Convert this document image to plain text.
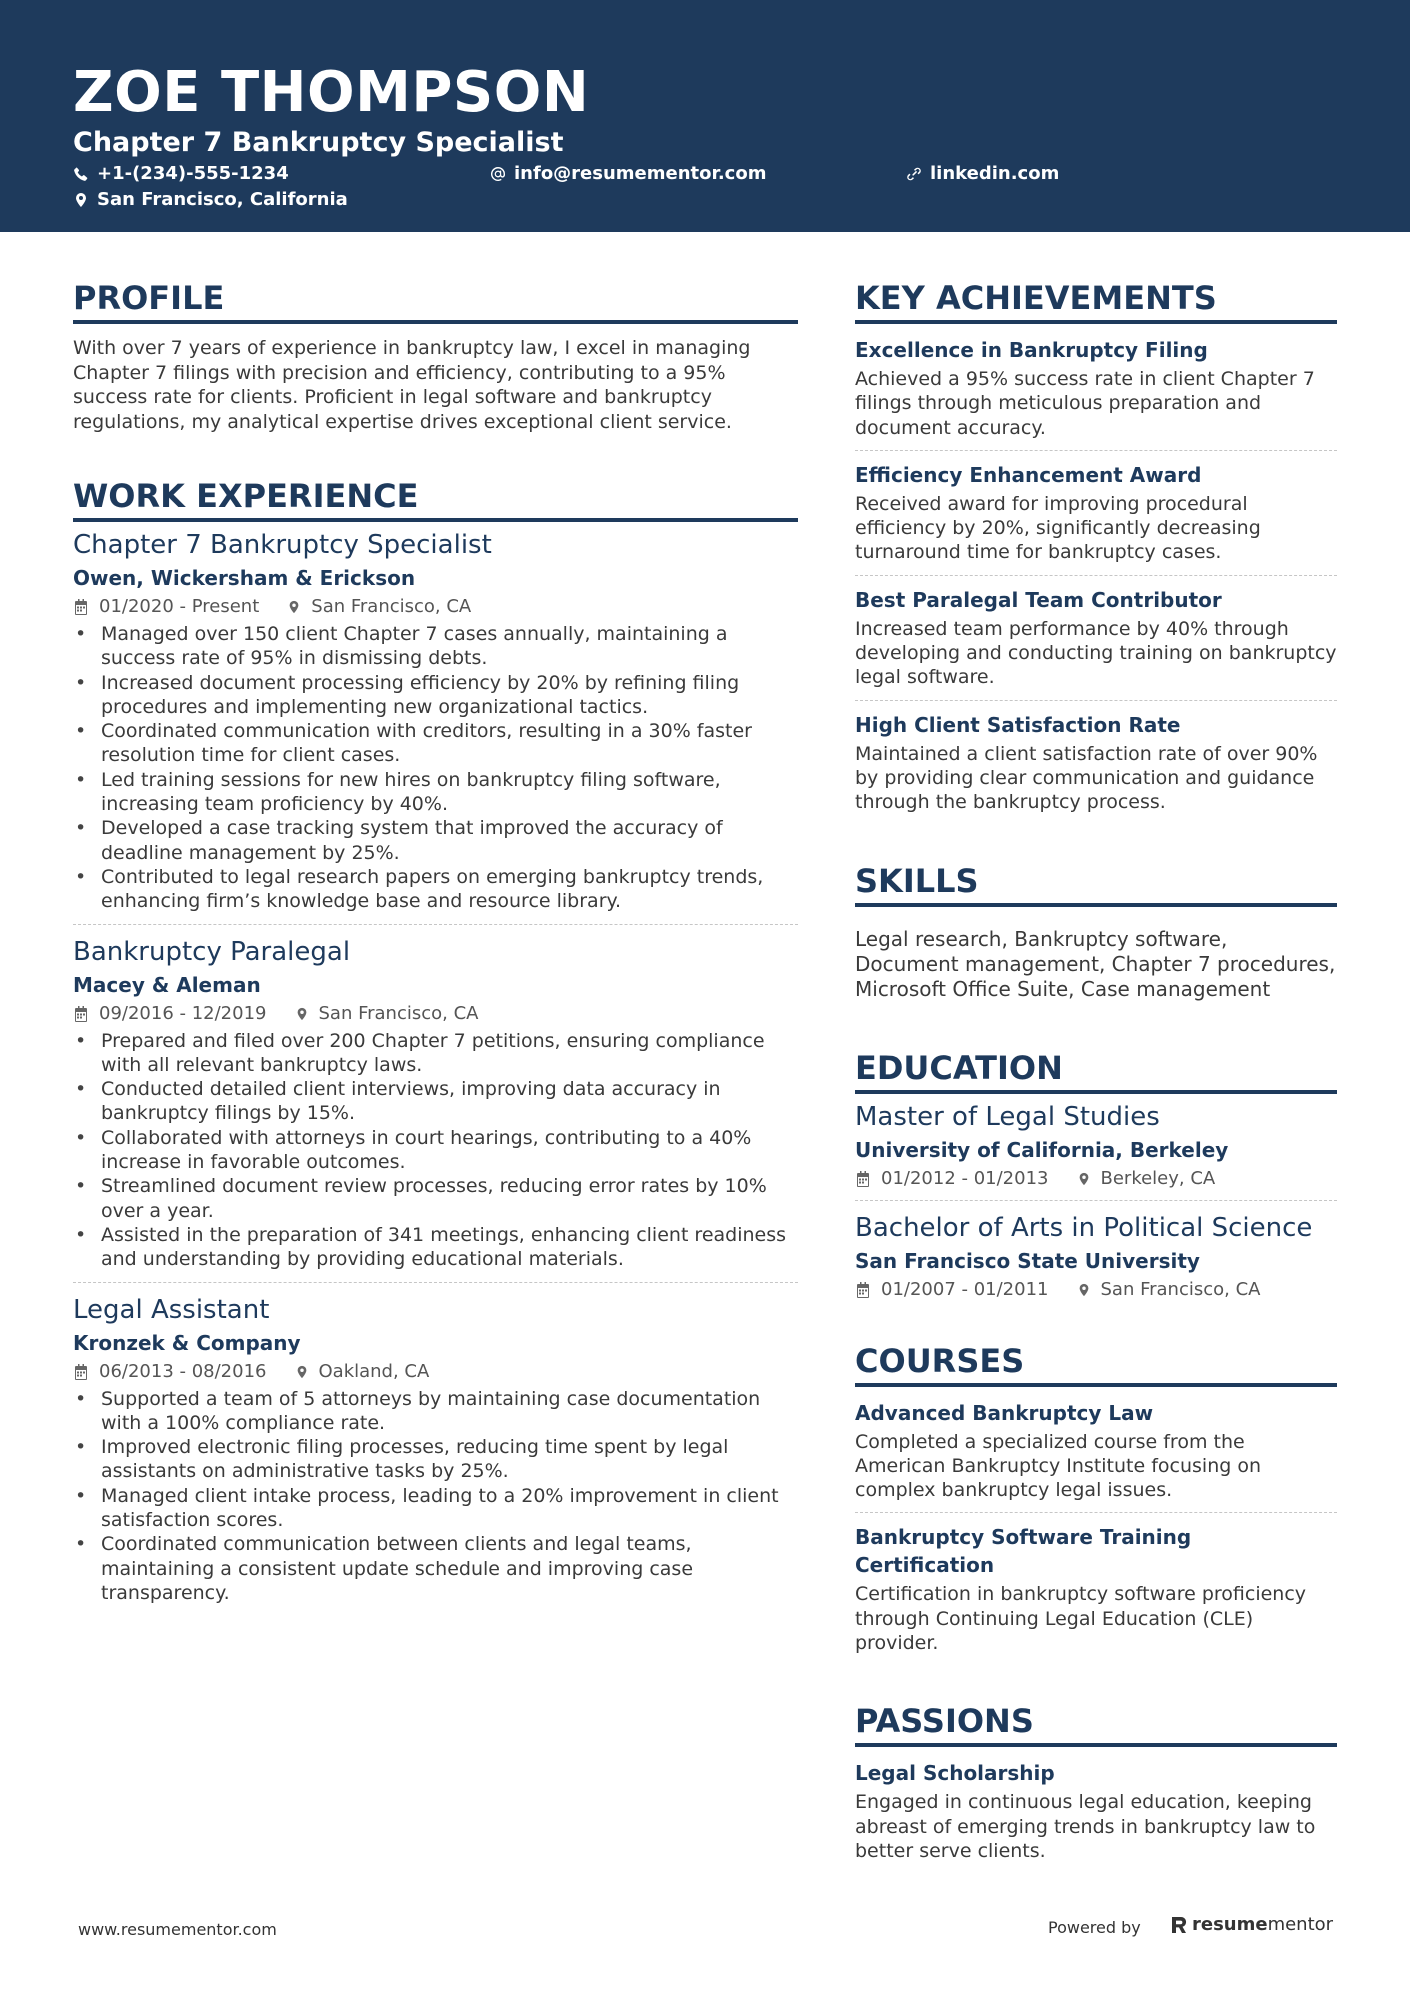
ZOE THOMPSON
Chapter 7 Bankruptcy Specialist
+1-(234)-555-1234	info@resumementor.com	linkedin.com
San Francisco, California
PROFILE

With over 7 years of experience in bankruptcy law, I excel in managing Chapter 7 filings with precision and efficiency, contributing to a 95% success rate for clients. Proficient in legal software and bankruptcy regulations, my analytical expertise drives exceptional client service.

WORK EXPERIENCE
Chapter 7 Bankruptcy Specialist
Owen, Wickersham & Erickson
01/2020 - Present	San Francisco, CA
• Managed over 150 client Chapter 7 cases annually, maintaining a success rate of 95% in dismissing debts.
• Increased document processing efficiency by 20% by refining filing procedures and implementing new organizational tactics.
• Coordinated communication with creditors, resulting in a 30% faster resolution time for client cases.
• Led training sessions for new hires on bankruptcy filing software, increasing team proficiency by 40%.
• Developed a case tracking system that improved the accuracy of deadline management by 25%.
• Contributed to legal research papers on emerging bankruptcy trends, enhancing firm’s knowledge base and resource library.
Bankruptcy Paralegal
Macey & Aleman
09/2016 - 12/2019	San Francisco, CA
• Prepared and filed over 200 Chapter 7 petitions, ensuring compliance with all relevant bankruptcy laws.
• Conducted detailed client interviews, improving data accuracy in bankruptcy filings by 15%.
• Collaborated with attorneys in court hearings, contributing to a 40% increase in favorable outcomes.
• Streamlined document review processes, reducing error rates by 10% over a year.
• Assisted in the preparation of 341 meetings, enhancing client readiness and understanding by providing educational materials.
Legal Assistant
Kronzek & Company
06/2013 - 08/2016	Oakland, CA
• Supported a team of 5 attorneys by maintaining case documentation with a 100% compliance rate.
• Improved electronic filing processes, reducing time spent by legal assistants on administrative tasks by 25%.
• Managed client intake process, leading to a 20% improvement in client satisfaction scores.
• Coordinated communication between clients and legal teams, maintaining a consistent update schedule and improving case transparency.
KEY ACHIEVEMENTS
Excellence in Bankruptcy Filing
Achieved a 95% success rate in client Chapter 7 filings through meticulous preparation and document accuracy.
Efficiency Enhancement Award
Received award for improving procedural efficiency by 20%, significantly decreasing turnaround time for bankruptcy cases.
Best Paralegal Team Contributor
Increased team performance by 40% through developing and conducting training on bankruptcy legal software.
High Client Satisfaction Rate
Maintained a client satisfaction rate of over 90% by providing clear communication and guidance through the bankruptcy process.
SKILLS

Legal research, Bankruptcy software, Document management, Chapter 7 procedures, Microsoft Office Suite, Case management

EDUCATION
Master of Legal Studies
University of California, Berkeley
01/2012 - 01/2013	Berkeley, CA
Bachelor of Arts in Political Science
San Francisco State University
01/2007 - 01/2011	San Francisco, CA
COURSES
Advanced Bankruptcy Law
Completed a specialized course from the American Bankruptcy Institute focusing on complex bankruptcy legal issues.
Bankruptcy Software Training Certification
Certification in bankruptcy software proficiency through Continuing Legal Education (CLE) provider.
PASSIONS
Legal Scholarship
Engaged in continuous legal education, keeping abreast of emerging trends in bankruptcy law to better serve clients.
www.resumementor.com	Powered by	resume mentor
